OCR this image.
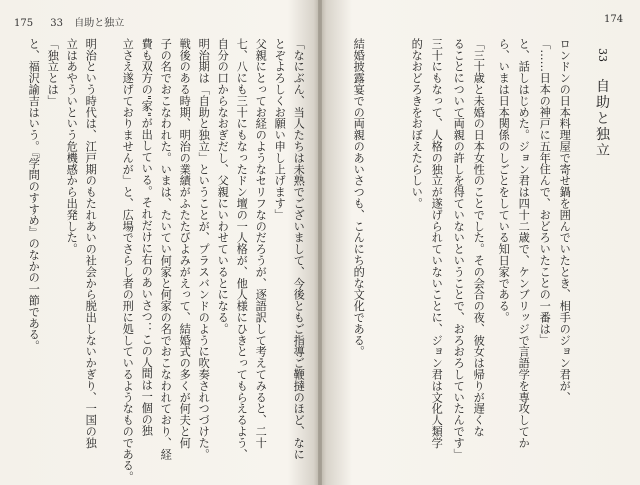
175 33 自助と独立	174
33 自助と独立
ロンドンの日本料理屋で寄せ鍋を囲んでいたとき、相手のジョン君が、
「……日本の神戸に五年住んで、おどろいたことの一番は」
と、話しはじめた。ジョン君は四十二歳で、ケンブリッジで言語学を専攻してか
ら、いまは日本関係のしごとをしている知日家である。
「三十歳と未婚の日本女性のことでした。その会合の夜、彼女は帰りが遅くな
ることについて両親の許しを得ていないということで、おろおろしていたんです」
三十にもなって、人格の独立が遂げられていないことに、ジョン君は文化人類学
的なおどろきをおぼえたらしい。
結婚披露宴での両親のあいさつも、こんにち的な文化である。
「なにぶん、当人たちは未熟でございまして、今後ともご指導ご鞭撻のほど、なに
とぞよろしくお願い申し上げます」
父親にとってお経のようなセリフなのだろうが、逐語訳して考えてみると、二十
七、八にも三十にもなったドン壇の一人格が、他人様にひきとってもらえるよう、
自分の口からなおぎだし、父親にいわせているとになる。
明治期は「自助と独立」ということが、プラスバンドのように吹奏されつづけた。
戦後のある時期、明治の業績がふたたびよみがえって、結婚式の多くが何夫と何
子の名でおこなわれた。いまは、たいてい何家と何家の名でおこなわれており、経
費も双方の"家"が出している。それだけに右のあいさつ：この人間は一個の独
立さえ遂げておりませんが」と、広場でさらし者の刑に処しているようなものである。
明治という時代は、江戸期のもたれあいの社会から脱出しないかぎり、一国の独
立はあやういという危機感から出発した。
「独立とは」
と、福沢諭吉はいう。『学問のすすめ』のなかの一節である。
